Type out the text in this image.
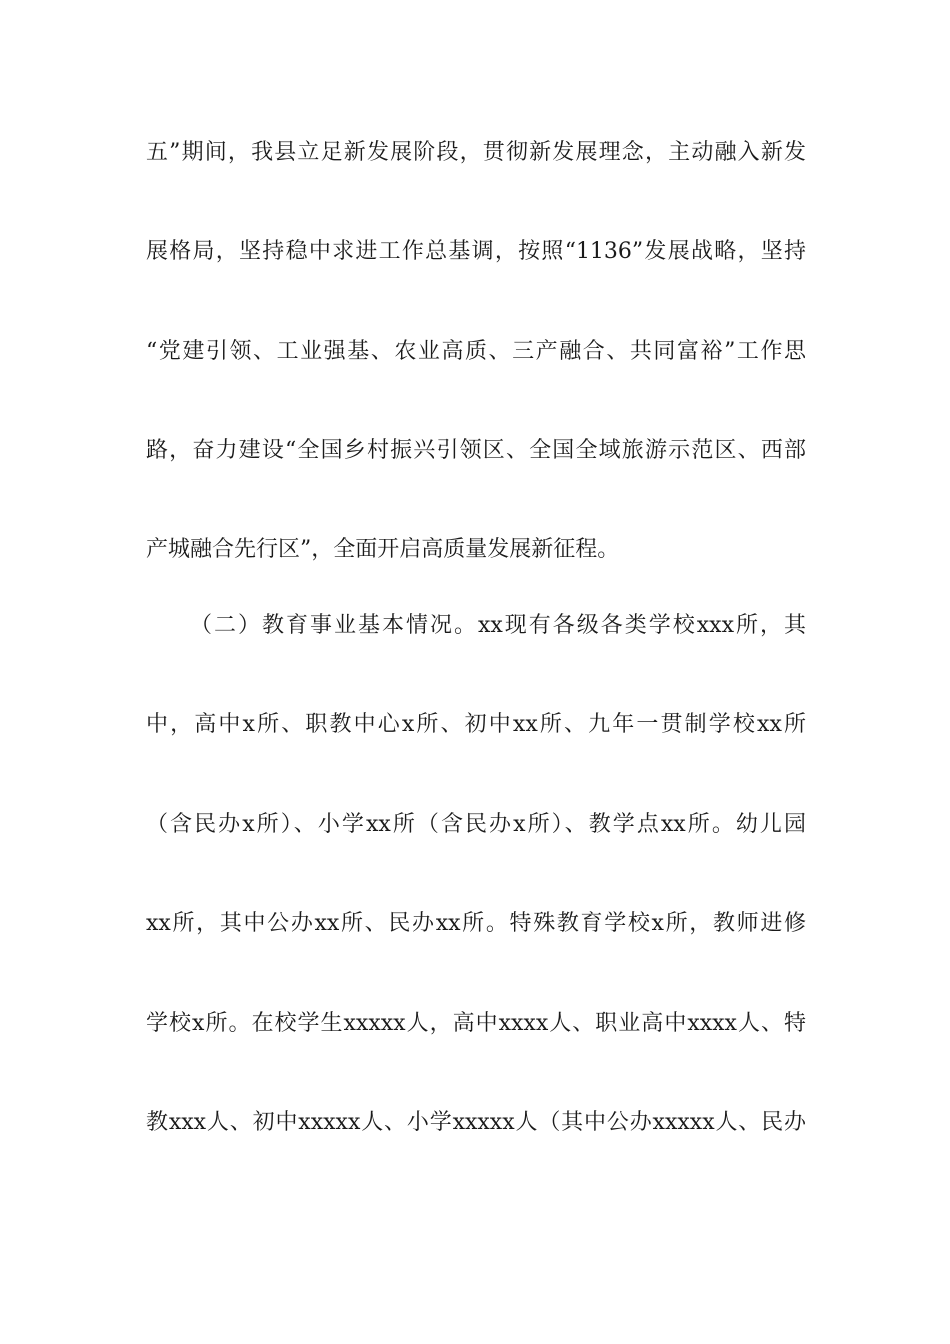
五”期间，我县立足新发展阶段，贯彻新发展理念，主动融入新发
展格局，坚持稳中求进工作总基调，按照“1136”发展战略，坚持
“党建引领、工业强基、农业高质、三产融合、共同富裕”工作思
路，奋力建设“全国乡村振兴引领区、全国全域旅游示范区、西部
产城融合先行区”，全面开启高质量发展新征程。
（二）教育事业基本情况。xx现有各级各类学校xxx所，其
中，高中x所、职教中心x所、初中xx所、九年一贯制学校xx所
（含民办x所）、小学xx所（含民办x所）、教学点xx所。幼儿园
xx所，其中公办xx所、民办xx所。特殊教育学校x所，教师进修
学校x所。在校学生xxxxx人，高中xxxx人、职业高中xxxx人、特
教xxx人、初中xxxxx人、小学xxxxx人（其中公办xxxxx人、民办
